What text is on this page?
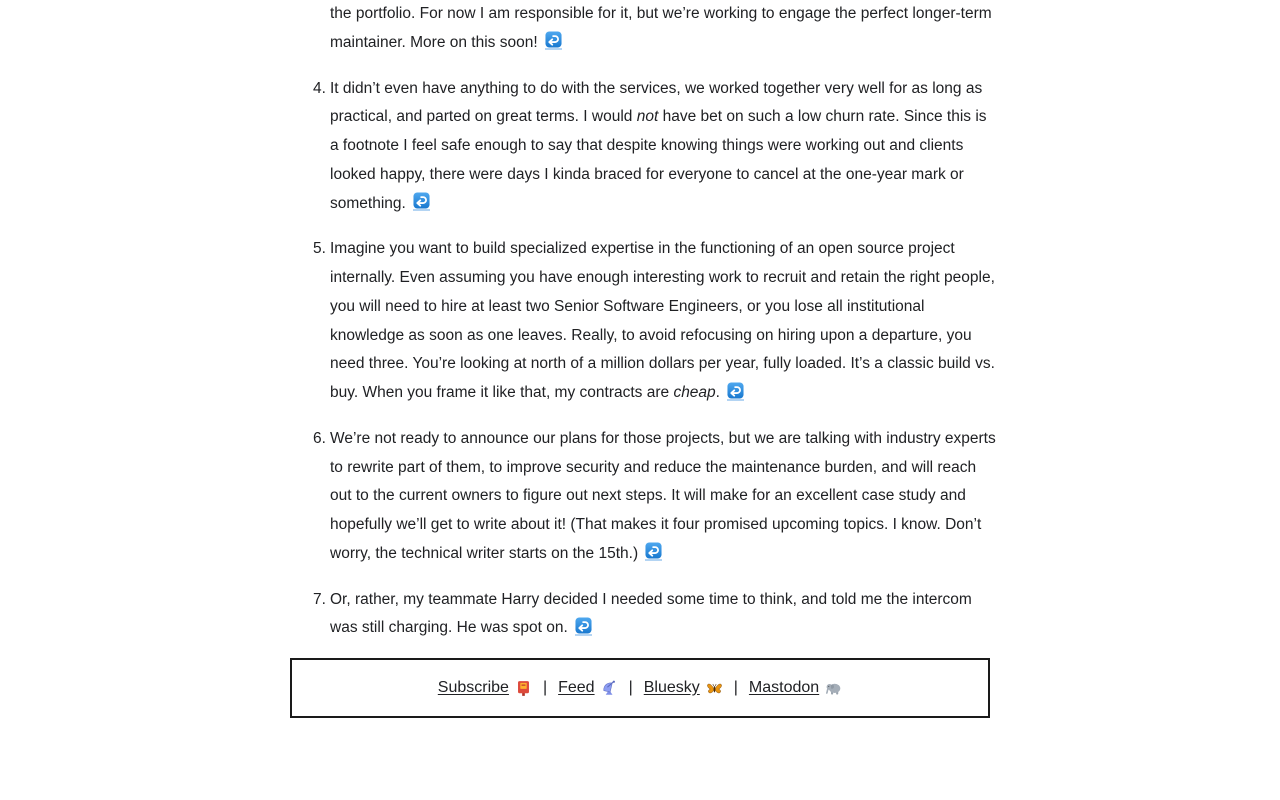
the portfolio. For now I am responsible for it, but we’re working to engage the perfect longer-term maintainer. More on this soon!

4. It didn’t even have anything to do with the services, we worked together very well for as long as practical, and parted on great terms. I would not have bet on such a low churn rate. Since this is a footnote I feel safe enough to say that despite knowing things were working out and clients looked happy, there were days I kinda braced for everyone to cancel at the one-year mark or something.
5. Imagine you want to build specialized expertise in the functioning of an open source project internally. Even assuming you have enough interesting work to recruit and retain the right people, you will need to hire at least two Senior Software Engineers, or you lose all institutional knowledge as soon as one leaves. Really, to avoid refocusing on hiring upon a departure, you need three. You’re looking at north of a million dollars per year, fully loaded. It’s a classic build vs. buy. When you frame it like that, my contracts are cheap.
6. We’re not ready to announce our plans for those projects, but we are talking with industry experts to rewrite part of them, to improve security and reduce the maintenance burden, and will reach out to the current owners to figure out next steps. It will make for an excellent case study and hopefully we’ll get to write about it! (That makes it four promised upcoming topics. I know. Don’t worry, the technical writer starts on the 15th.)
7. Or, rather, my teammate Harry decided I needed some time to think, and told me the intercom was still charging. He was spot on.
Subscribe | Feed | Bluesky | Mastodon
